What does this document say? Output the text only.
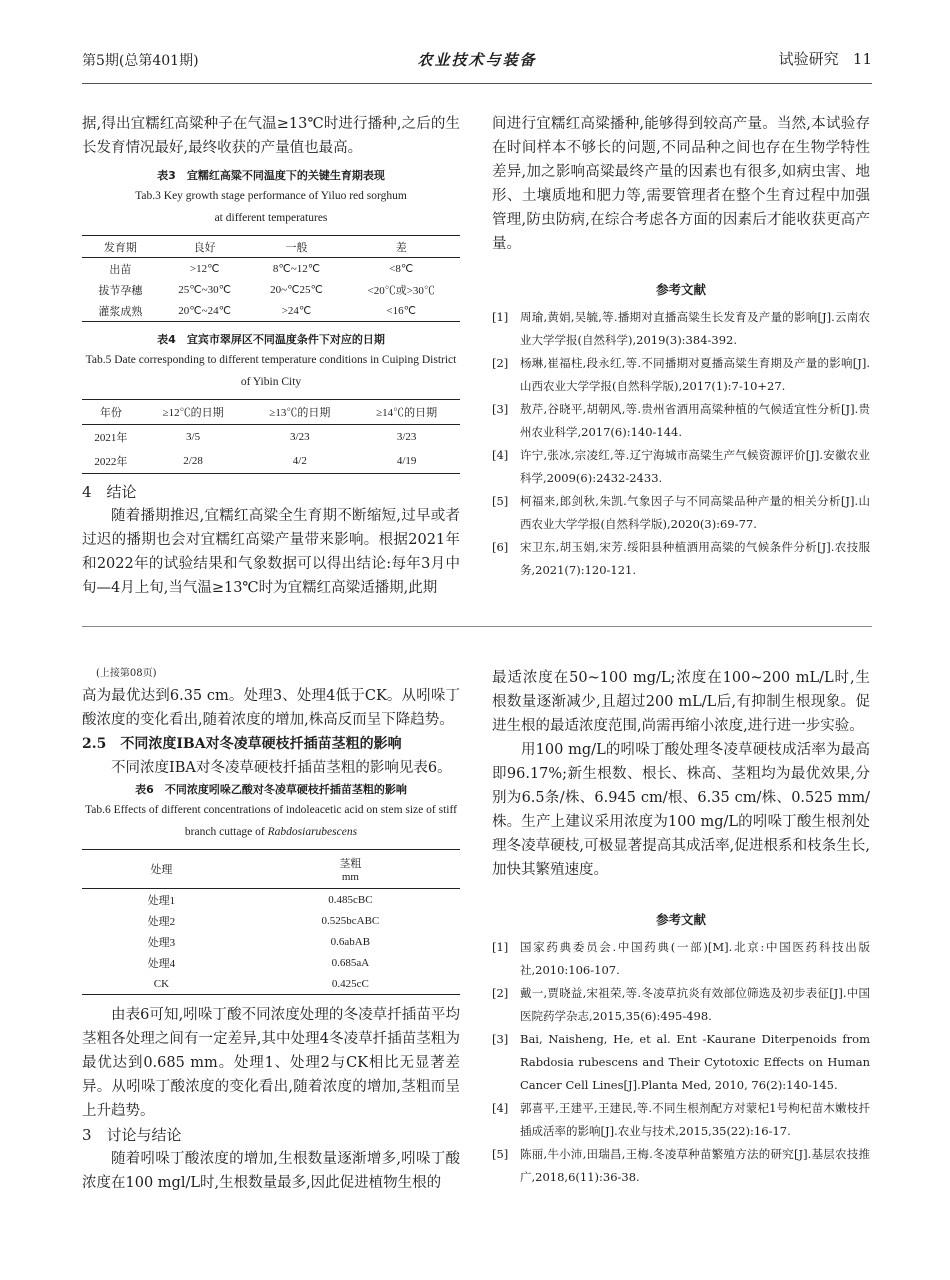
第5期(总第401期)	农业技术与装备	试验研究 11

据,得出宜糯红高粱种子在气温≥13℃时进行播种,之后的生长发育情况最好,最终收获的产量值也最高。

表3　宜糯红高粱不同温度下的关键生育期表现
Tab.3 Key growth stage performance of Yiluo red sorghum
at different temperatures
发育期	良好	一般	差
出苗	>12℃	8℃~12℃	<8℃
拔节孕穗	25℃~30℃	20~℃25℃	<20℃或>30℃
灌浆成熟	20℃~24℃	>24℃	<16℃
表4　宜宾市翠屏区不同温度条件下对应的日期
Tab.5 Date corresponding to different temperature conditions in Cuiping District
of Yibin City
年份	≥12℃的日期	≥13℃的日期	≥14℃的日期
2021年	3/5	3/23	3/23
2022年	2/28	4/2	4/19
4　结论

随着播期推迟,宜糯红高粱全生育期不断缩短,过早或者过迟的播期也会对宜糯红高粱产量带来影响。根据2021年和2022年的试验结果和气象数据可以得出结论:每年3月中旬—4月上旬,当气温≥13℃时为宜糯红高粱适播期,此期

间进行宜糯红高粱播种,能够得到较高产量。当然,本试验存在时间样本不够长的问题,不同品种之间也存在生物学特性差异,加之影响高粱最终产量的因素也有很多,如病虫害、地形、土壤质地和肥力等,需要管理者在整个生育过程中加强管理,防虫防病,在综合考虑各方面的因素后才能收获更高产量。

参考文献
[1] 周瑜,黄娟,吴毓,等.播期对直播高粱生长发育及产量的影响[J].云南农业大学学报(自然科学),2019(3):384-392.
[2] 杨琳,崔福柱,段永红,等.不同播期对夏播高粱生育期及产量的影响[J].山西农业大学学报(自然科学版),2017(1):7-10+27.
[3] 敖芹,谷晓平,胡朝风,等.贵州省酒用高粱种植的气候适宜性分析[J].贵州农业科学,2017(6):140-144.
[4] 许宁,张冰,宗凌红,等.辽宁海城市高粱生产气候资源评价[J].安徽农业科学,2009(6):2432-2433.
[5] 柯福来,郎剑秋,朱凯.气象因子与不同高粱品种产量的相关分析[J].山西农业大学学报(自然科学版),2020(3):69-77.
[6] 宋卫东,胡玉娟,宋芳.绥阳县种植酒用高粱的气候条件分析[J].农技服务,2021(7):120-121.
(上接第08页)

高为最优达到6.35 cm。处理3、处理4低于CK。从吲哚丁酸浓度的变化看出,随着浓度的增加,株高反而呈下降趋势。

2.5　不同浓度IBA对冬凌草硬枝扦插苗茎粗的影响

不同浓度IBA对冬凌草硬枝扦插苗茎粗的影响见表6。

表6　不同浓度吲哚乙酸对冬凌草硬枝扦插苗茎粗的影响
Tab.6 Effects of different concentrations of indoleacetic acid on stem size of stiff
branch cuttage of Rabdosiarubescens
处理	茎粗
mm

处理1	0.485cBC
处理2	0.525bcABC
处理3	0.6abAB
处理4	0.685aA
CK	0.425cC

由表6可知,吲哚丁酸不同浓度处理的冬凌草扦插苗平均茎粗各处理之间有一定差异,其中处理4冬凌草扦插苗茎粗为最优达到0.685 mm。处理1、处理2与CK相比无显著差异。从吲哚丁酸浓度的变化看出,随着浓度的增加,茎粗而呈上升趋势。

3　讨论与结论

随着吲哚丁酸浓度的增加,生根数量逐渐增多,吲哚丁酸浓度在100 mgl/L时,生根数量最多,因此促进植物生根的

最适浓度在50~100 mg/L;浓度在100~200 mL/L时,生根数量逐渐减少,且超过200 mL/L后,有抑制生根现象。促进生根的最适浓度范围,尚需再缩小浓度,进行进一步实验。

用100 mg/L的吲哚丁酸处理冬凌草硬枝成活率为最高即96.17%;新生根数、根长、株高、茎粗均为最优效果,分别为6.5条/株、6.945 cm/根、6.35 cm/株、0.525 mm/株。生产上建议采用浓度为100 mg/L的吲哚丁酸生根剂处理冬凌草硬枝,可极显著提高其成活率,促进根系和枝条生长,加快其繁殖速度。

参考文献
[1] 国家药典委员会.中国药典(一部)[M].北京:中国医药科技出版社,2010:106-107.
[2] 戴一,贾晓益,宋祖荣,等.冬凌草抗炎有效部位筛选及初步表征[J].中国医院药学杂志,2015,35(6):495-498.
[3] Bai, Naisheng, He, et al. Ent -Kaurane Diterpenoids from Rabdosia rubescens and Their Cytotoxic Effects on Human Cancer Cell Lines[J].Planta Med, 2010, 76(2):140-145.
[4] 郭喜平,王建平,王建民,等.不同生根剂配方对蒙杞1号枸杞苗木嫩枝扦插成活率的影响[J].农业与技术,2015,35(22):16-17.
[5] 陈丽,牛小沛,田瑞昌,王梅.冬凌草种苗繁殖方法的研究[J].基层农技推广,2018,6(11):36-38.
